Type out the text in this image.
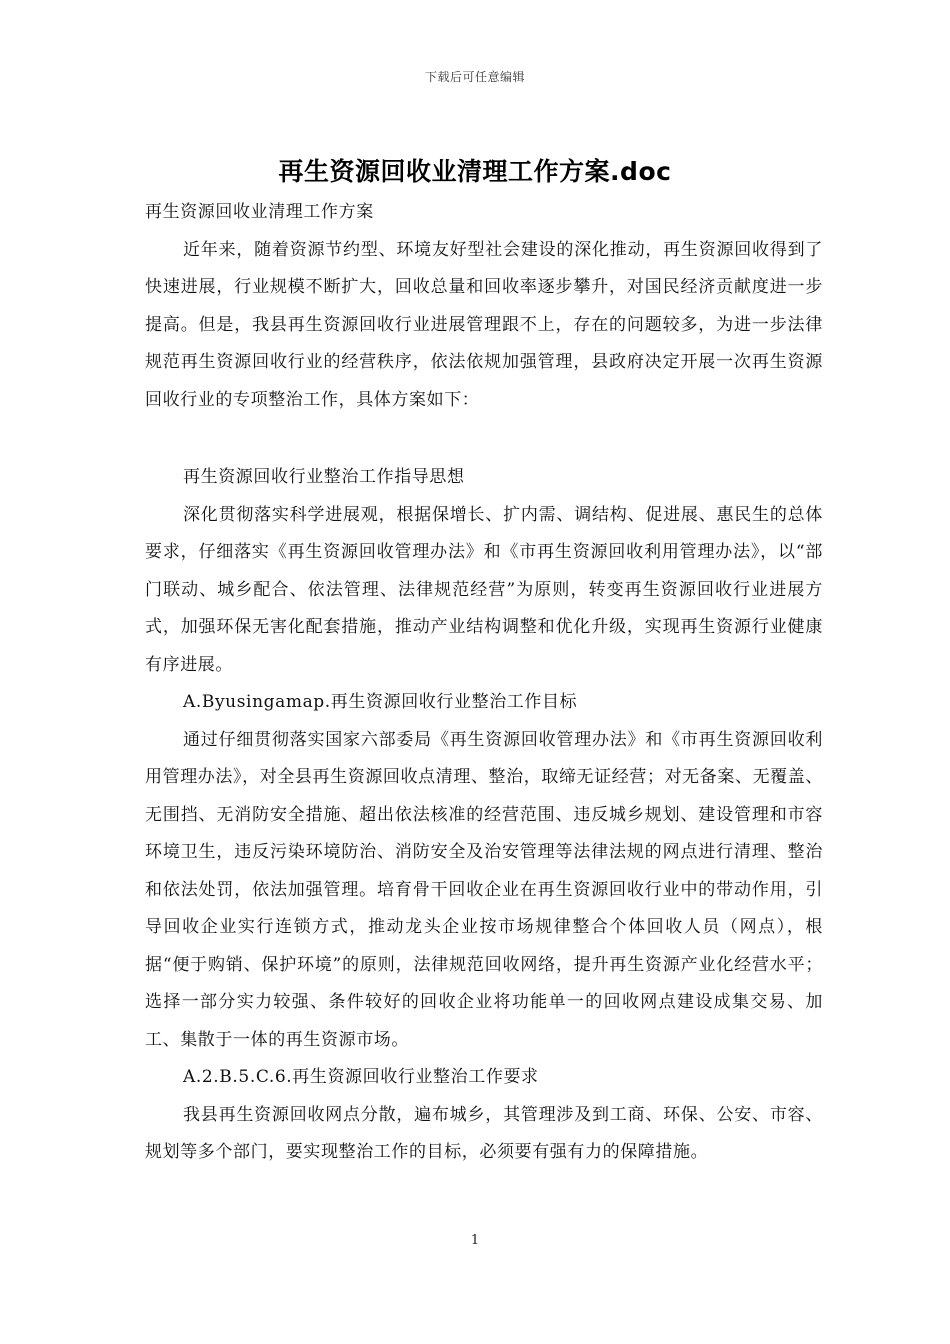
下载后可任意编辑
再生资源回收业清理工作方案.doc

再生资源回收业清理工作方案

近年来，随着资源节约型、环境友好型社会建设的深化推动，再生资源回收得到了快速进展，行业规模不断扩大，回收总量和回收率逐步攀升，对国民经济贡献度进一步提高。但是，我县再生资源回收行业进展管理跟不上，存在的问题较多，为进一步法律规范再生资源回收行业的经营秩序，依法依规加强管理，县政府决定开展一次再生资源回收行业的专项整治工作，具体方案如下：

再生资源回收行业整治工作指导思想

深化贯彻落实科学进展观，根据保增长、扩内需、调结构、促进展、惠民生的总体要求，仔细落实《再生资源回收管理办法》和《市再生资源回收利用管理办法》，以“部门联动、城乡配合、依法管理、法律规范经营”为原则，转变再生资源回收行业进展方式，加强环保无害化配套措施，推动产业结构调整和优化升级，实现再生资源行业健康有序进展。

A.Byusingamap.再生资源回收行业整治工作目标

通过仔细贯彻落实国家六部委局《再生资源回收管理办法》和《市再生资源回收利用管理办法》，对全县再生资源回收点清理、整治，取缔无证经营；对无备案、无覆盖、无围挡、无消防安全措施、超出依法核准的经营范围、违反城乡规划、建设管理和市容环境卫生，违反污染环境防治、消防安全及治安管理等法律法规的网点进行清理、整治和依法处罚，依法加强管理。培育骨干回收企业在再生资源回收行业中的带动作用，引导回收企业实行连锁方式，推动龙头企业按市场规律整合个体回收人员（网点），根据“便于购销、保护环境”的原则，法律规范回收网络，提升再生资源产业化经营水平；选择一部分实力较强、条件较好的回收企业将功能单一的回收网点建设成集交易、加工、集散于一体的再生资源市场。

A.2.B.5.C.6.再生资源回收行业整治工作要求

我县再生资源回收网点分散，遍布城乡，其管理涉及到工商、环保、公安、市容、规划等多个部门，要实现整治工作的目标，必须要有强有力的保障措施。

1
